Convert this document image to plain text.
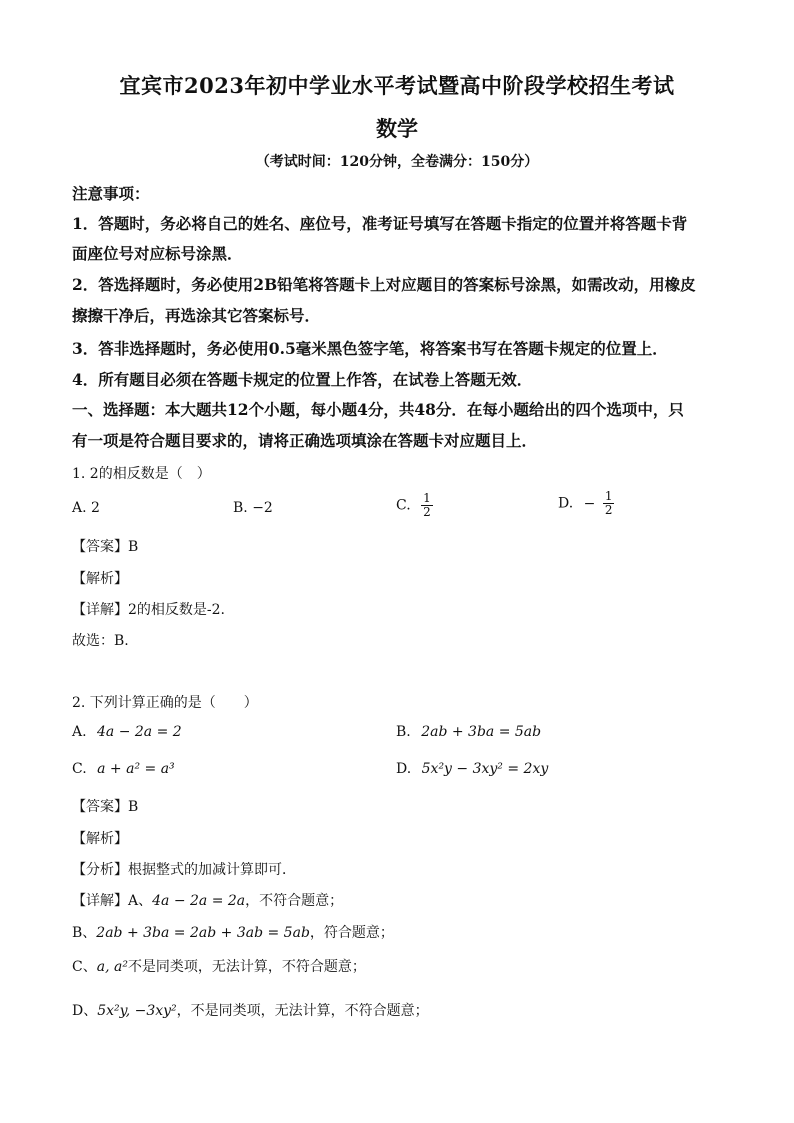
宜宾市2023年初中学业水平考试暨高中阶段学校招生考试
数学
（考试时间：120分钟，全卷满分：150分）
注意事项：
1．答题时，务必将自己的姓名、座位号，准考证号填写在答题卡指定的位置并将答题卡背
面座位号对应标号涂黑．
2．答选择题时，务必使用2B铅笔将答题卡上对应题目的答案标号涂黑，如需改动，用橡皮
擦擦干净后，再选涂其它答案标号．
3．答非选择题时，务必使用0.5毫米黑色签字笔，将答案书写在答题卡规定的位置上．
4．所有题目必须在答题卡规定的位置上作答，在试卷上答题无效．
一、选择题：本大题共12个小题，每小题4分，共48分．在每小题给出的四个选项中，只
有一项是符合题目要求的，请将正确选项填涂在答题卡对应题目上．
1. 2的相反数是（　）
A. 2	B. −2	C. $\frac{1}{2}$	D. − $\frac{1}{2}$
【答案】B
【解析】
【详解】2的相反数是-2.
故选：B.
2. 下列计算正确的是（　　）
A. 4a − 2a = 2	B. 2ab + 3ba = 5ab
C. a + a² = a³	D. 5x²y − 3xy² = 2xy
【答案】B
【解析】
【分析】根据整式的加减计算即可．
【详解】A、4a − 2a = 2a，不符合题意；
B、2ab + 3ba = 2ab + 3ab = 5ab，符合题意；
C、a, a²不是同类项，无法计算，不符合题意；
D、5x²y, −3xy²，不是同类项，无法计算，不符合题意；
